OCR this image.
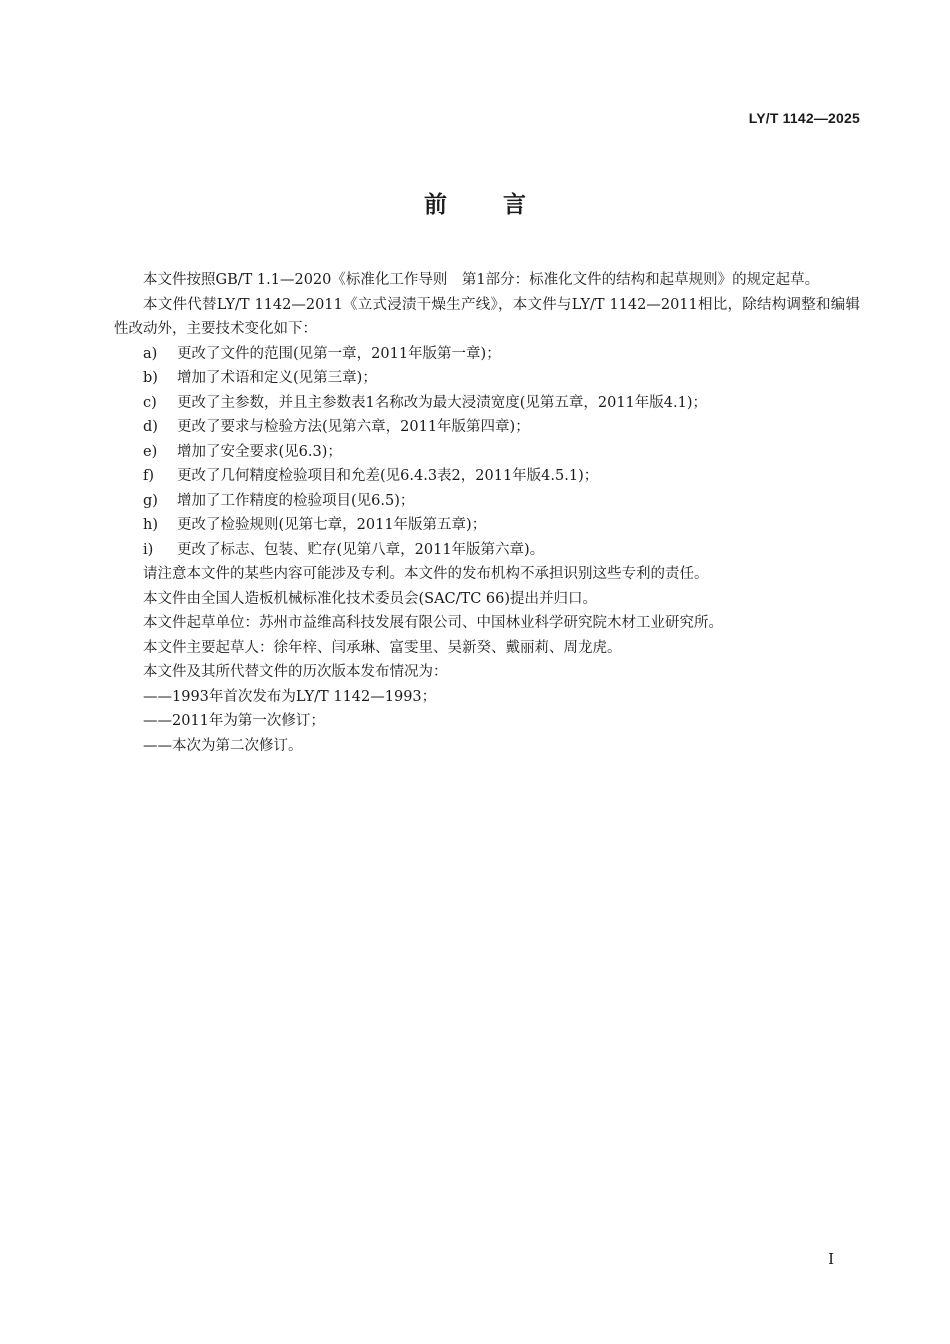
LY/T 1142—2025
前言

本文件按照GB/T 1.1—2020《标准化工作导则　第1部分：标准化文件的结构和起草规则》的规定起草。

本文件代替LY/T 1142—2011《立式浸渍干燥生产线》，本文件与LY/T 1142—2011相比，除结构调整和编辑性改动外，主要技术变化如下：

a) 更改了文件的范围(见第一章，2011年版第一章)；
b) 增加了术语和定义(见第三章)；
c) 更改了主参数，并且主参数表1名称改为最大浸渍宽度(见第五章，2011年版4.1)；
d) 更改了要求与检验方法(见第六章，2011年版第四章)；
e) 增加了安全要求(见6.3)；
f) 更改了几何精度检验项目和允差(见6.4.3表2，2011年版4.5.1)；
g) 增加了工作精度的检验项目(见6.5)；
h) 更改了检验规则(见第七章，2011年版第五章)；
i) 更改了标志、包装、贮存(见第八章，2011年版第六章)。

请注意本文件的某些内容可能涉及专利。本文件的发布机构不承担识别这些专利的责任。

本文件由全国人造板机械标准化技术委员会(SAC/TC 66)提出并归口。

本文件起草单位：苏州市益维高科技发展有限公司、中国林业科学研究院木材工业研究所。

本文件主要起草人：徐年梓、闫承琳、富雯里、吴新癸、戴丽莉、周龙虎。

本文件及其所代替文件的历次版本发布情况为：

——1993年首次发布为LY/T 1142—1993；
——2011年为第一次修订；
——本次为第二次修订。
I
